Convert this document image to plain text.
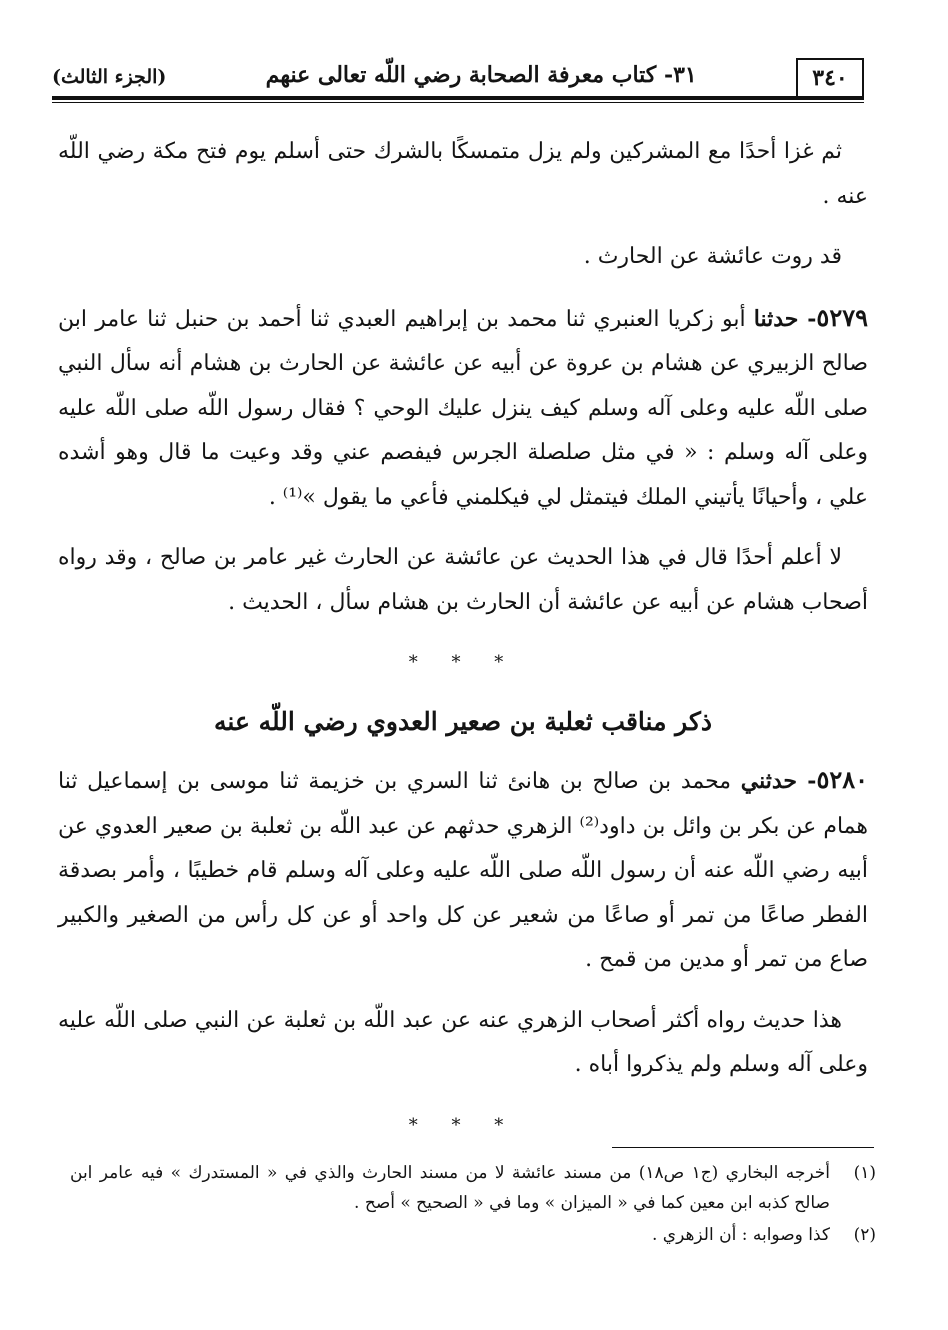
(الجزء الثالث)	٣١- كتاب معرفة الصحابة رضي اللّه تعالى عنهم	٣٤٠

ثم غزا أحدًا مع المشركين ولم يزل متمسكًا بالشرك حتى أسلم يوم فتح مكة رضي اللّه عنه .

قد روت عائشة عن الحارث .

٥٢٧٩- حدثنا أبو زكريا العنبري ثنا محمد بن إبراهيم العبدي ثنا أحمد بن حنبل ثنا عامر ابن صالح الزبيري عن هشام بن عروة عن أبيه عن عائشة عن الحارث بن هشام أنه سأل النبي صلى اللّه عليه وعلى آله وسلم كيف ينزل عليك الوحي ؟ فقال رسول اللّه صلى اللّه عليه وعلى آله وسلم : « في مثل صلصلة الجرس فيفصم عني وقد وعيت ما قال وهو أشده علي ، وأحيانًا يأتيني الملك فيتمثل لي فيكلمني فأعي ما يقول »⁽¹⁾ .

لا أعلم أحدًا قال في هذا الحديث عن عائشة عن الحارث غير عامر بن صالح ، وقد رواه أصحاب هشام عن أبيه عن عائشة أن الحارث بن هشام سأل ، الحديث .

* * *
ذكر مناقب ثعلبة بن صعير العدوي رضي اللّه عنه

٥٢٨٠- حدثني محمد بن صالح بن هانئ ثنا السري بن خزيمة ثنا موسى بن إسماعيل ثنا همام عن بكر بن وائل بن داود⁽²⁾ الزهري حدثهم عن عبد اللّه بن ثعلبة بن صعير العدوي عن أبيه رضي اللّه عنه أن رسول اللّه صلى اللّه عليه وعلى آله وسلم قام خطيبًا ، وأمر بصدقة الفطر صاعًا من تمر أو صاعًا من شعير عن كل واحد أو عن كل رأس من الصغير والكبير صاع من تمر أو مدين من قمح .

هذا حديث رواه أكثر أصحاب الزهري عنه عن عبد اللّه بن ثعلبة عن النبي صلى اللّه عليه وعلى آله وسلم ولم يذكروا أباه .

* * *
(١)
أخرجه البخاري (ج١ ص١٨) من مسند عائشة لا من مسند الحارث والذي في « المستدرك » فيه عامر ابن صالح كذبه ابن معين كما في « الميزان » وما في « الصحيح » أصح .
(٢)
كذا وصوابه : أن الزهري .
